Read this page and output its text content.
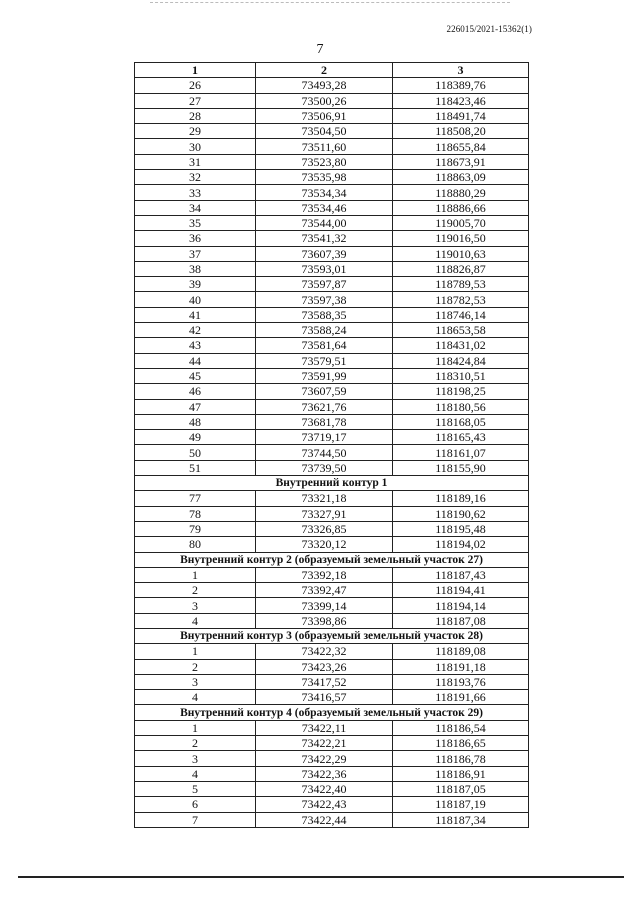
226015/2021-15362(1)
7
1	2	3
26	73493,28	118389,76
27	73500,26	118423,46
28	73506,91	118491,74
29	73504,50	118508,20
30	73511,60	118655,84
31	73523,80	118673,91
32	73535,98	118863,09
33	73534,34	118880,29
34	73534,46	118886,66
35	73544,00	119005,70
36	73541,32	119016,50
37	73607,39	119010,63
38	73593,01	118826,87
39	73597,87	118789,53
40	73597,38	118782,53
41	73588,35	118746,14
42	73588,24	118653,58
43	73581,64	118431,02
44	73579,51	118424,84
45	73591,99	118310,51
46	73607,59	118198,25
47	73621,76	118180,56
48	73681,78	118168,05
49	73719,17	118165,43
50	73744,50	118161,07
51	73739,50	118155,90
Внутренний контур 1		
77	73321,18	118189,16
78	73327,91	118190,62
79	73326,85	118195,48
80	73320,12	118194,02
Внутренний контур 2 (образуемый земельный участок 27)		
1	73392,18	118187,43
2	73392,47	118194,41
3	73399,14	118194,14
4	73398,86	118187,08
Внутренний контур 3 (образуемый земельный участок 28)		
1	73422,32	118189,08
2	73423,26	118191,18
3	73417,52	118193,76
4	73416,57	118191,66
Внутренний контур 4 (образуемый земельный участок 29)		
1	73422,11	118186,54
2	73422,21	118186,65
3	73422,29	118186,78
4	73422,36	118186,91
5	73422,40	118187,05
6	73422,43	118187,19
7	73422,44	118187,34
